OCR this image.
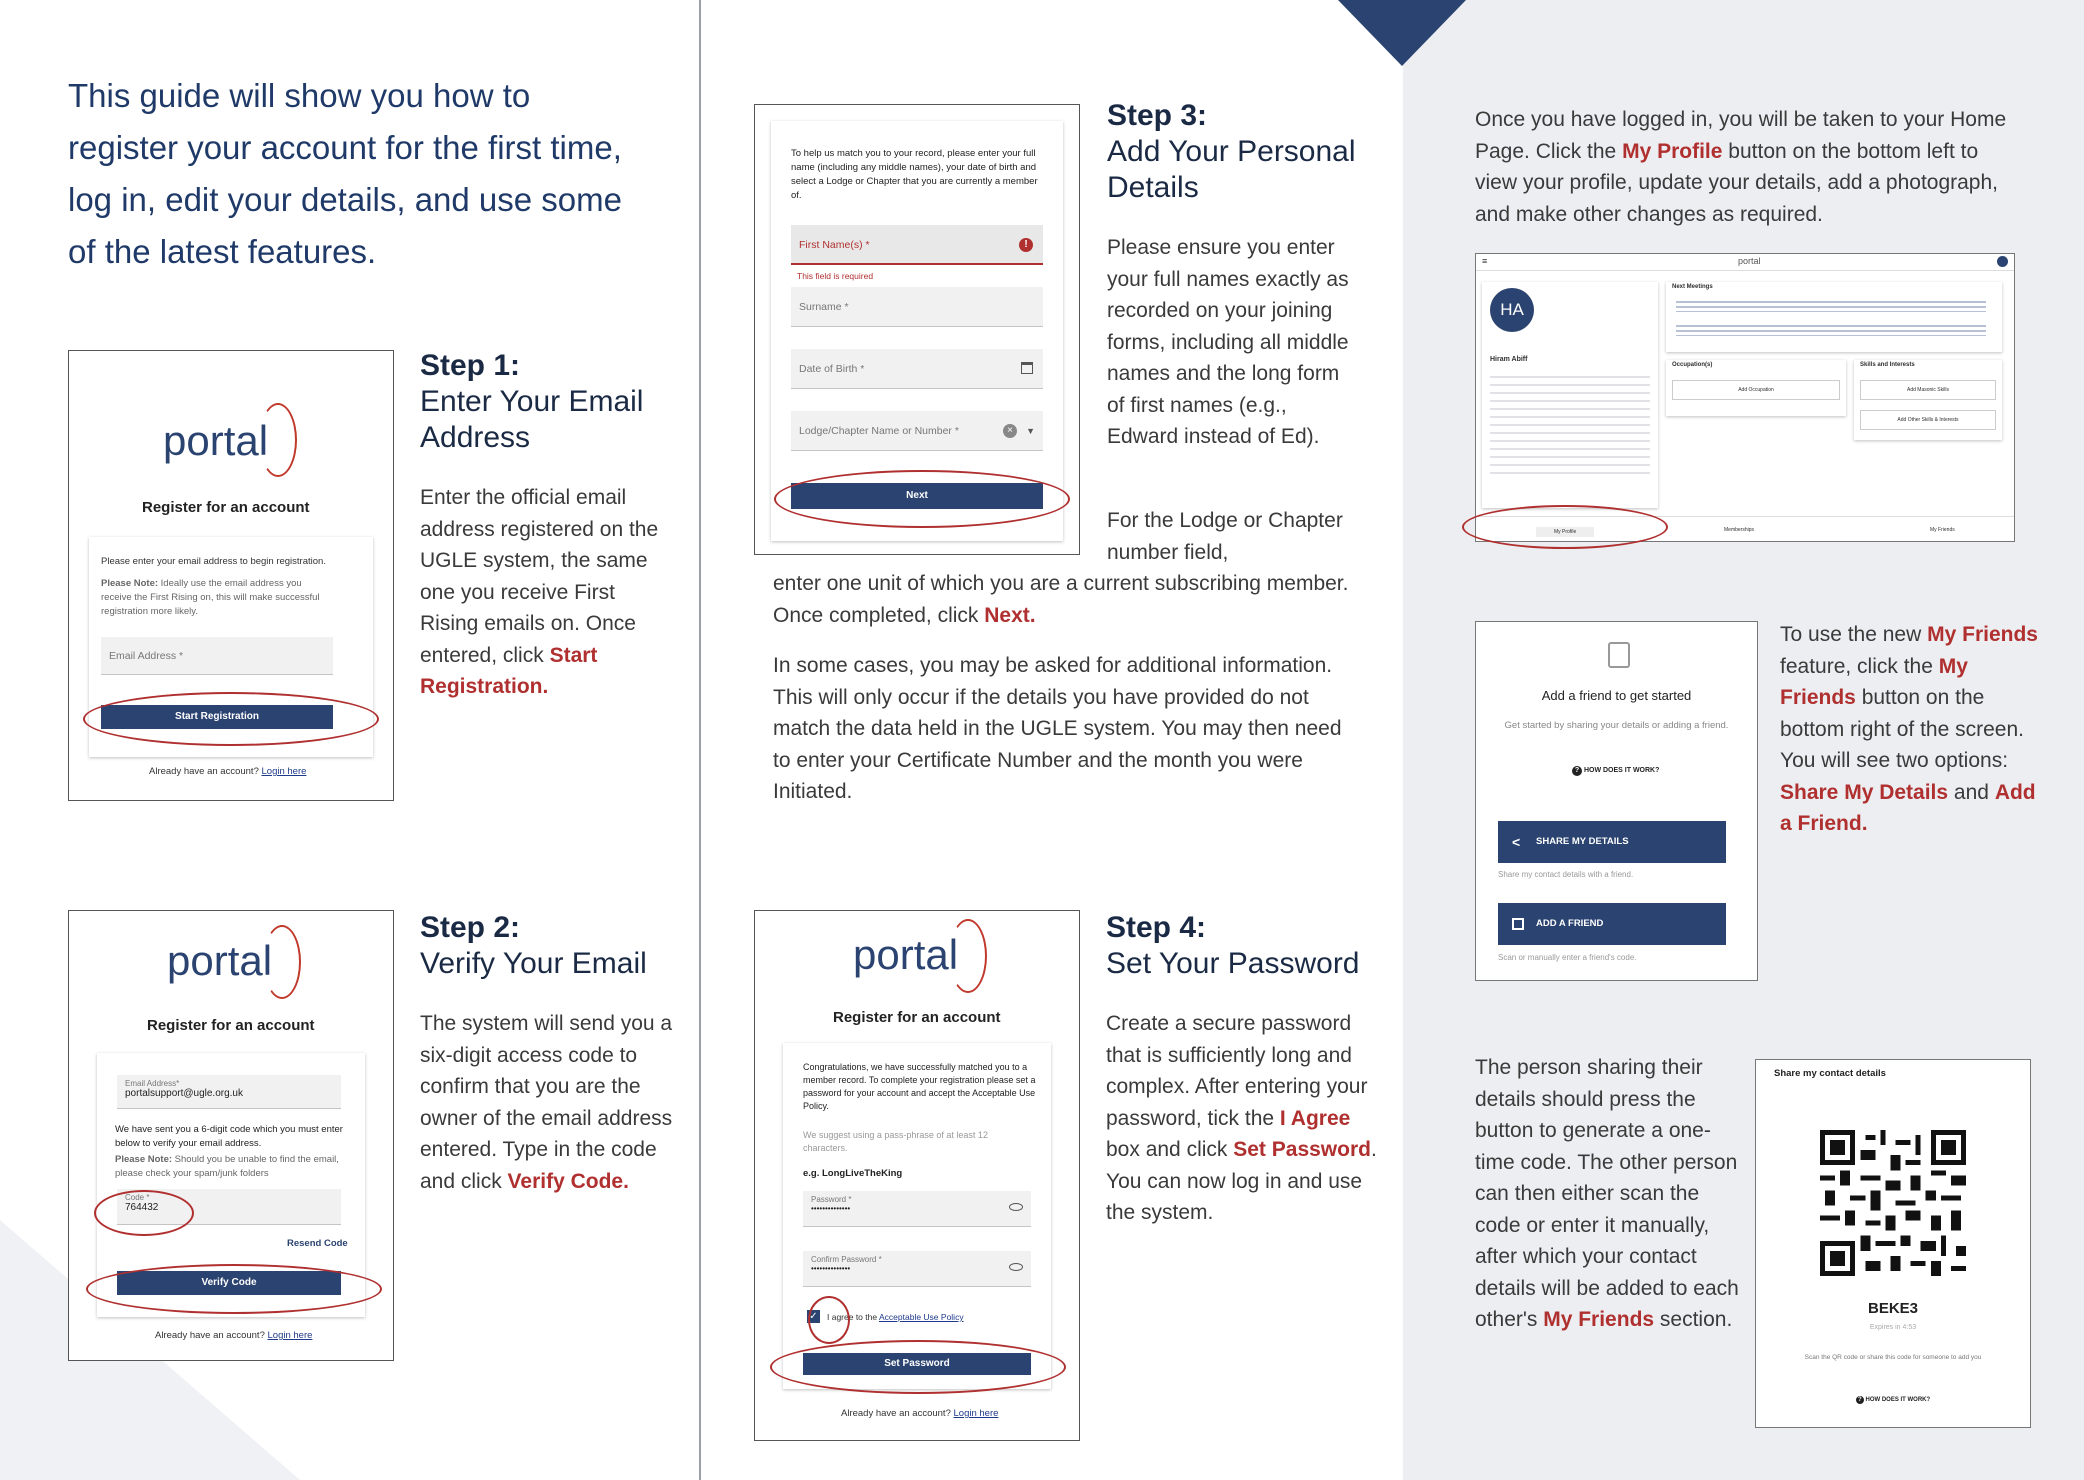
This guide will show you how to register your account for the first time, log in, edit your details, and use some of the latest features.
portal
Register for an account
Please enter your email address to begin registration.
Please Note: Ideally use the email address you receive the First Rising on, this will make successful registration more likely.
Email Address *
Start Registration
Already have an account? Login here
Step 1:
Enter Your Email Address
Enter the official email address registered on the UGLE system, the same one you receive First Rising emails on. Once entered, click Start Registration.
portal
Register for an account
Email Address*
portalsupport@ugle.org.uk
We have sent you a 6-digit code which you must enter below to verify your email address.
Please Note: Should you be unable to find the email, please check your spam/junk folders
Code *
764432
Resend Code
Verify Code
Already have an account? Login here
Step 2:
Verify Your Email
The system will send you a six-digit access code to confirm that you are the owner of the email address entered. Type in the code and click Verify Code.
To help us match you to your record, please enter your full name (including any middle names), your date of birth and select a Lodge or Chapter that you are currently a member of.
First Name(s) *	!
This field is required
Surname *
Date of Birth *
Lodge/Chapter Name or Number *	×	▼
Next
Step 3:
Add Your Personal Details
Please ensure you enter your full names exactly as recorded on your joining forms, including all middle names and the long form of first names (e.g., Edward instead of Ed).
For the Lodge or Chapter number field,
enter one unit of which you are a current subscribing member. Once completed, click Next.
In some cases, you may be asked for additional information. This will only occur if the details you have provided do not match the data held in the UGLE system. You may then need to enter your Certificate Number and the month you were Initiated.
portal
Register for an account
Congratulations, we have successfully matched you to a member record. To complete your registration please set a password for your account and accept the Acceptable Use Policy.
We suggest using a pass-phrase of at least 12 characters.
e.g. LongLiveTheKing
Password *
••••••••••••••
Confirm Password *
••••••••••••••
✓ I agree to the Acceptable Use Policy
Set Password
Already have an account? Login here
Step 4:
Set Your Password
Create a secure password that is sufficiently long and complex. After entering your password, tick the I Agree box and click Set Password. You can now log in and use the system.
Once you have logged in, you will be taken to your Home Page. Click the My Profile button on the bottom left to view your profile, update your details, add a photograph, and make other changes as required.
≡	portal
HA
Hiram Abiff
Next Meetings
Occupation(s)
Add Occupation
Skills and Interests
Add Masonic Skills
Add Other Skills & Interests
My Profile	Memberships	My Friends
Add a friend to get started
Get started by sharing your details or adding a friend.
? HOW DOES IT WORK?
< SHARE MY DETAILS
Share my contact details with a friend.
ADD A FRIEND
Scan or manually enter a friend's code.
To use the new My Friends feature, click the My Friends button on the bottom right of the screen. You will see two options: Share My Details and Add a Friend.
The person sharing their details should press the button to generate a one-time code. The other person can then either scan the code or enter it manually, after which your contact details will be added to each other's My Friends section.
Share my contact details
BEKE3
Expires in 4:53
Scan the QR code or share this code for someone to add you
? HOW DOES IT WORK?
